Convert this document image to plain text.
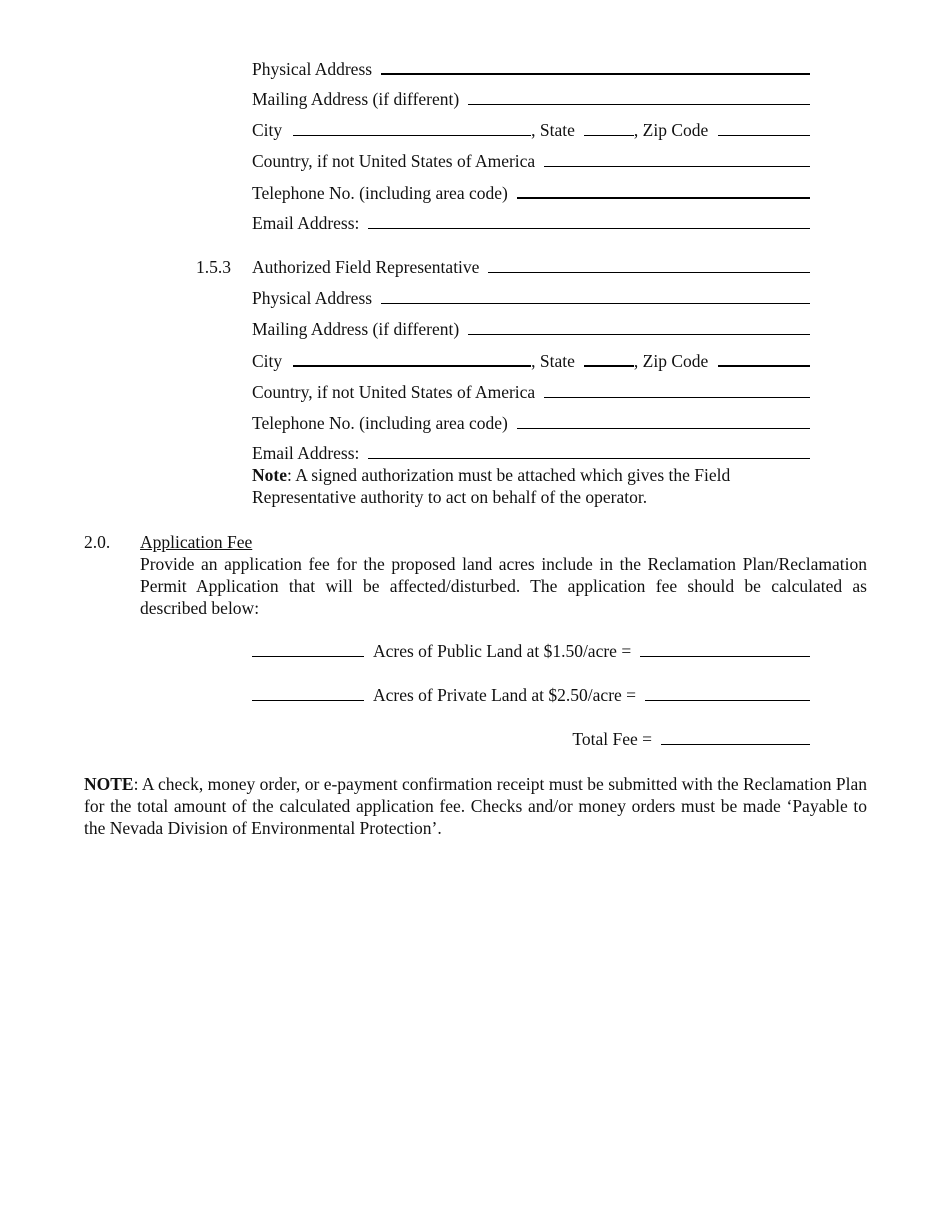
Physical Address
Mailing Address (if different)
City	, State	, Zip Code
Country, if not United States of America
Telephone No. (including area code)
Email Address:
1.5.3 Authorized Field Representative
Physical Address
Mailing Address (if different)
City	, State	, Zip Code
Country, if not United States of America
Telephone No. (including area code)
Email Address:
Note: A signed authorization must be attached which gives the Field Representative authority to act on behalf of the operator.
2.0. Application Fee
Provide an application fee for the proposed land acres include in the Reclamation Plan/Reclamation Permit Application that will be affected/disturbed. The application fee should be calculated as described below:
Acres of Public Land at $1.50/acre =
Acres of Private Land at $2.50/acre =
Total Fee =
NOTE: A check, money order, or e-payment confirmation receipt must be submitted with the Reclamation Plan for the total amount of the calculated application fee. Checks and/or money orders must be made ‘Payable to the Nevada Division of Environmental Protection’.
